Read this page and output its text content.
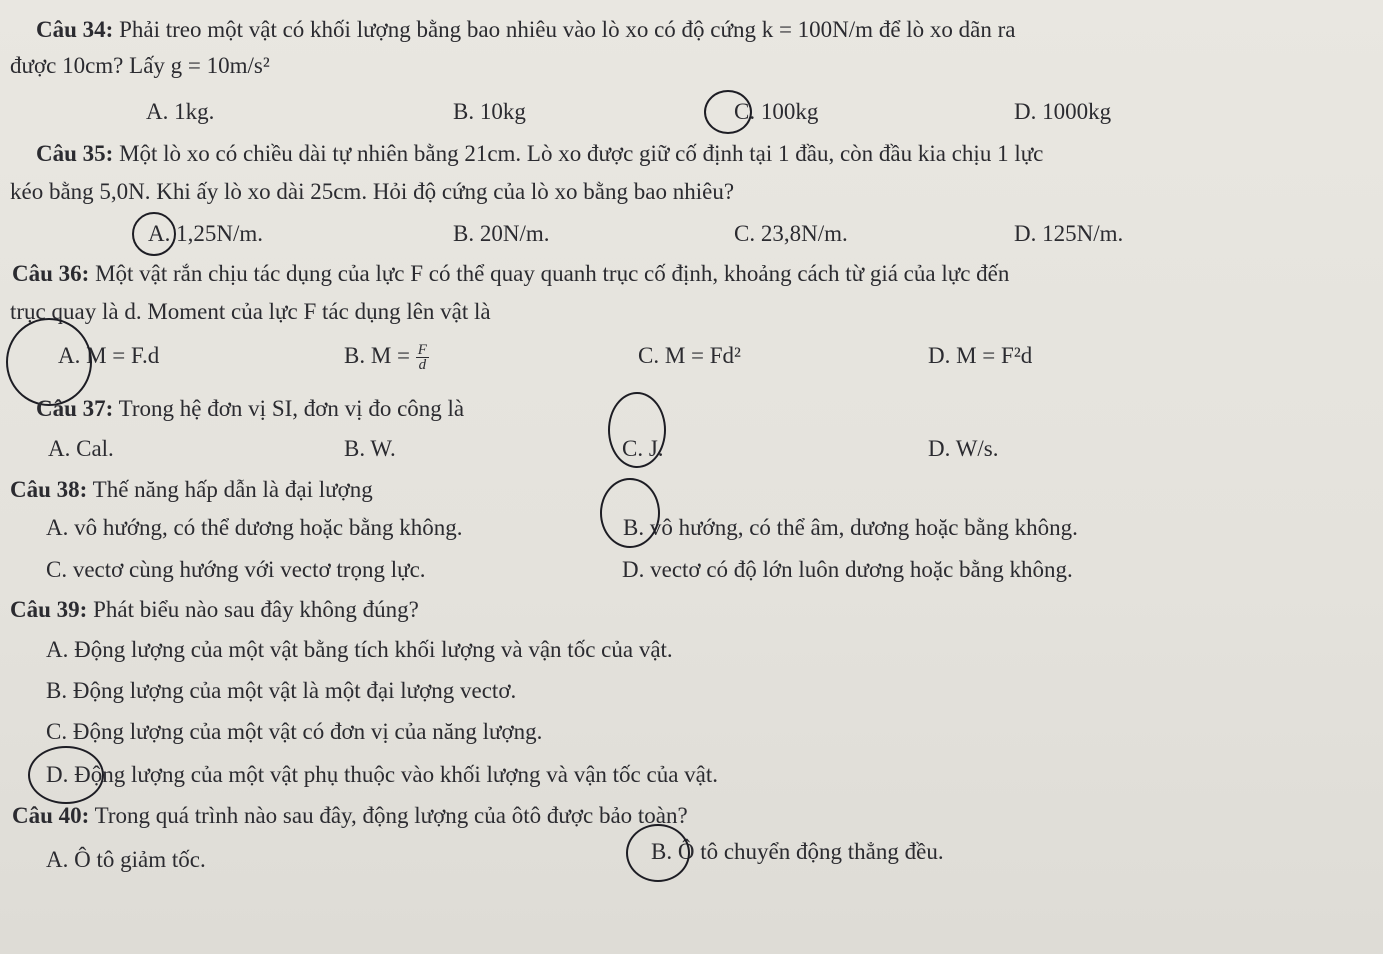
Câu 34: Phải treo một vật có khối lượng bằng bao nhiêu vào lò xo có độ cứng k = 100N/m để lò xo dãn ra
được 10cm? Lấy g = 10m/s²
A. 1kg.	B. 10kg	C. 100kg	D. 1000kg
Câu 35: Một lò xo có chiều dài tự nhiên bằng 21cm. Lò xo được giữ cố định tại 1 đầu, còn đầu kia chịu 1 lực
kéo bằng 5,0N. Khi ấy lò xo dài 25cm. Hỏi độ cứng của lò xo bằng bao nhiêu?
A. 1,25N/m.	B. 20N/m.	C. 23,8N/m.	D. 125N/m.
Câu 36: Một vật rắn chịu tác dụng của lực F có thể quay quanh trục cố định, khoảng cách từ giá của lực đến
trục quay là d. Moment của lực F tác dụng lên vật là
A. M = F.d	B. $M = \frac{F}{d}$	C. M = Fd²	D. M = F²d
Câu 37: Trong hệ đơn vị SI, đơn vị đo công là
A. Cal.	B. W.	C. J.	D. W/s.
Câu 38: Thế năng hấp dẫn là đại lượng
A. vô hướng, có thể dương hoặc bằng không.	B. vô hướng, có thể âm, dương hoặc bằng không.
C. vectơ cùng hướng với vectơ trọng lực.	D. vectơ có độ lớn luôn dương hoặc bằng không.
Câu 39: Phát biểu nào sau đây không đúng?
A. Động lượng của một vật bằng tích khối lượng và vận tốc của vật.
B. Động lượng của một vật là một đại lượng vectơ.
C. Động lượng của một vật có đơn vị của năng lượng.
D. Động lượng của một vật phụ thuộc vào khối lượng và vận tốc của vật.
Câu 40: Trong quá trình nào sau đây, động lượng của ôtô được bảo toàn?
A. Ô tô giảm tốc.	B. Ô tô chuyển động thẳng đều.
